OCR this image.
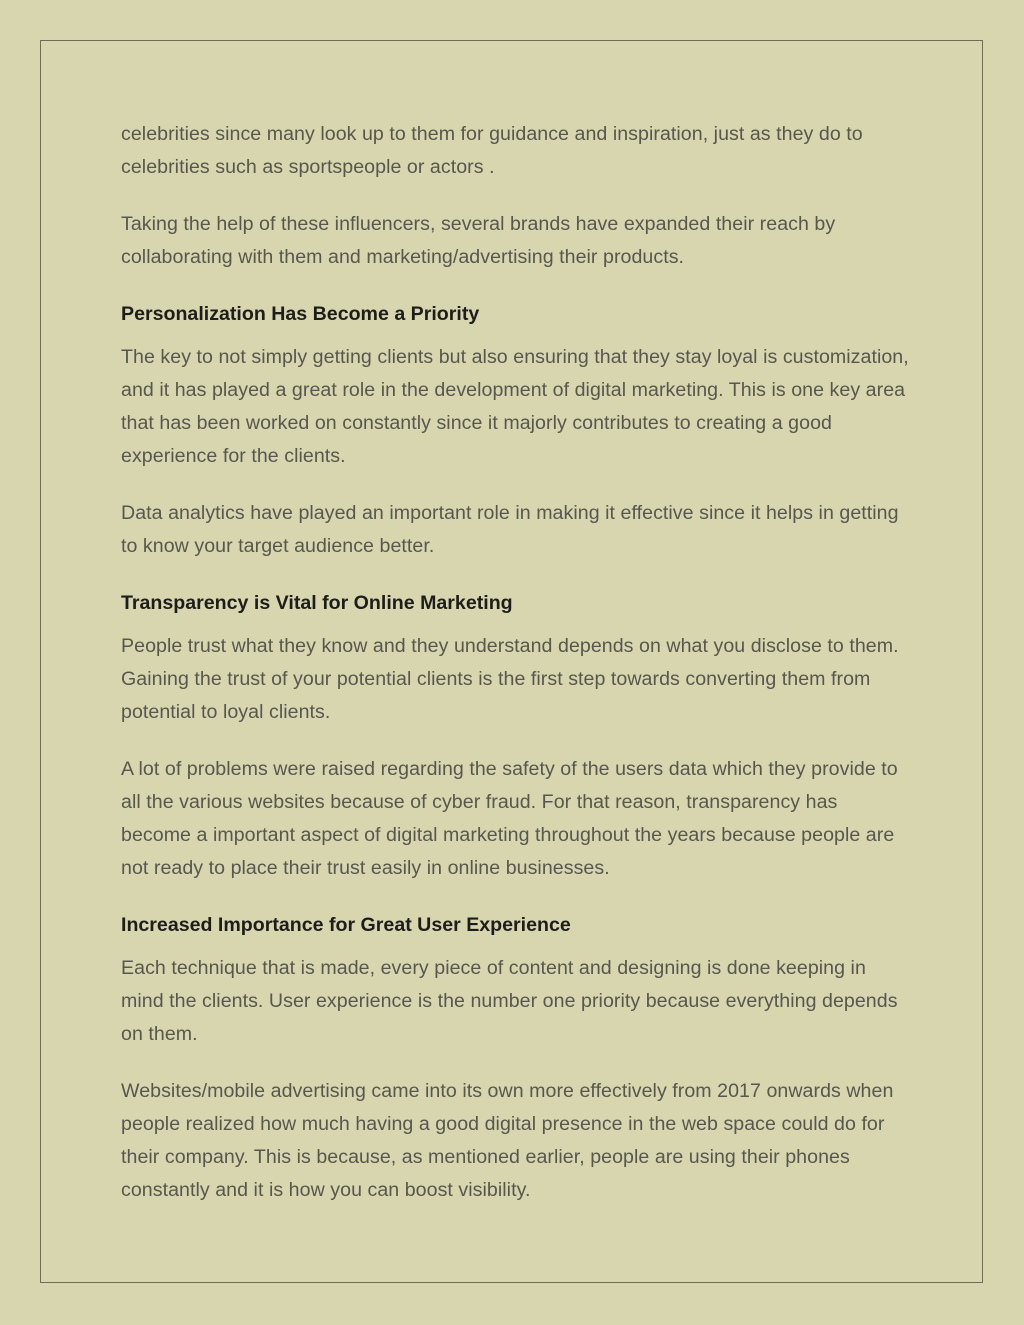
celebrities since many look up to them for guidance and inspiration, just as they do to celebrities such as sportspeople or actors .

Taking the help of these influencers, several brands have expanded their reach by collaborating with them and marketing/advertising their products.

Personalization Has Become a Priority

The key to not simply getting clients but also ensuring that they stay loyal is customization, and it has played a great role in the development of digital marketing. This is one key area that has been worked on constantly since it majorly contributes to creating a good experience for the clients.

Data analytics have played an important role in making it effective since it helps in getting to know your target audience better.

Transparency is Vital for Online Marketing

People trust what they know and they understand depends on what you disclose to them. Gaining the trust of your potential clients is the first step towards converting them from potential to loyal clients.

A lot of problems were raised regarding the safety of the users data which they provide to all the various websites because of cyber fraud. For that reason, transparency has become a important aspect of digital marketing throughout the years because people are not ready to place their trust easily in online businesses.

Increased Importance for Great User Experience

Each technique that is made, every piece of content and designing is done keeping in mind the clients. User experience is the number one priority because everything depends on them.

Websites/mobile advertising came into its own more effectively from 2017 onwards when people realized how much having a good digital presence in the web space could do for their company. This is because, as mentioned earlier, people are using their phones constantly and it is how you can boost visibility.
